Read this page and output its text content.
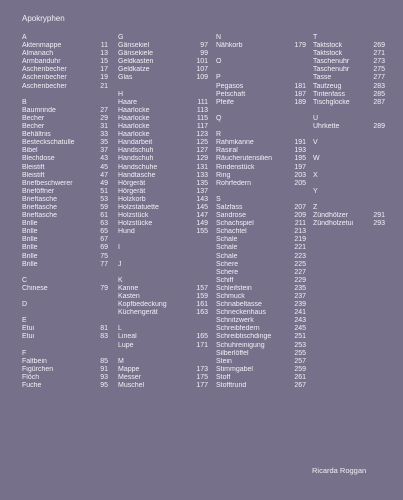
Apokryphen
A
Aktenmappe	11
Almanach	13
Armbanduhr	15
Aschenbecher	17
Aschenbecher	19
Aschenbecher	21
B
Baumrinde	27
Becher	29
Becher	31
Behältnis	33
Besteckschatulle	35
Bibel	37
Blechdose	43
Bleistift	45
Bleistift	47
Briefbeschwerer	49
Brieföffner	51
Brieftasche	53
Brieftasche	59
Brieftasche	61
Brille	63
Brille	65
Brille	67
Brille	69
Brille	75
Brille	77
C
Chinese	79
D
E
Etui	81
Etui	83
F
Faltbein	85
Figürchen	91
Flöch	93
Fuche	95
G
Gänsekiel	97
Gänsekiele	99
Geldkasten	101
Geldkatze	107
Glas	109
H
Haare	111
Haarlocke	113
Haarlocke	115
Haarlocke	117
Haarlocke	123
Handarbeit	125
Handschuh	127
Handschuh	129
Handschuhe	131
Handtasche	133
Hörgerät	135
Hörgerät	137
Holzkorb	143
Holzstatuette	145
Holzstück	147
Holzstücke	149
Hund	155
I
J
K
Kanne	157
Kasten	159
Kopfbedeckung	161
Küchengerät	163
L
Lineal	165
Lupe	171
M
Mappe	173
Messer	175
Muschel	177
N
Nähkorb	179
O
P
Pegasos	181
Petschaft	187
Pfeife	189
Q
R
Rahmkanne	191
Rasiral	193
Räucherutensilien	195
Rindenstück	197
Ring	203
Rohrfedern	205
S
Salzfass	207
Sandrose	209
Schachspiel	211
Schachtel	213
Schale	219
Schale	221
Schale	223
Schere	225
Schere	227
Schiff	229
Schleifstein	235
Schmuck	237
Schnabeltasse	239
Schneckenhaus	241
Schnitzwerk	243
Schreibfedern	245
Schreibtischdinge	251
Schuhreinigung	253
Silberlöffel	255
Stein	257
Stimmgabel	259
Stoff	261
Stofftrund	267
T
Taktstock	269
Taktstock	271
Taschenuhr	273
Taschenuhr	275
Tasse	277
Taufzeug	283
Tintenfass	285
Tischglocke	287
U
Uhrkette	289
V
W
X
Y
Z
Zündhölzer	291
Zündholzetui	293
Ricarda Roggan
